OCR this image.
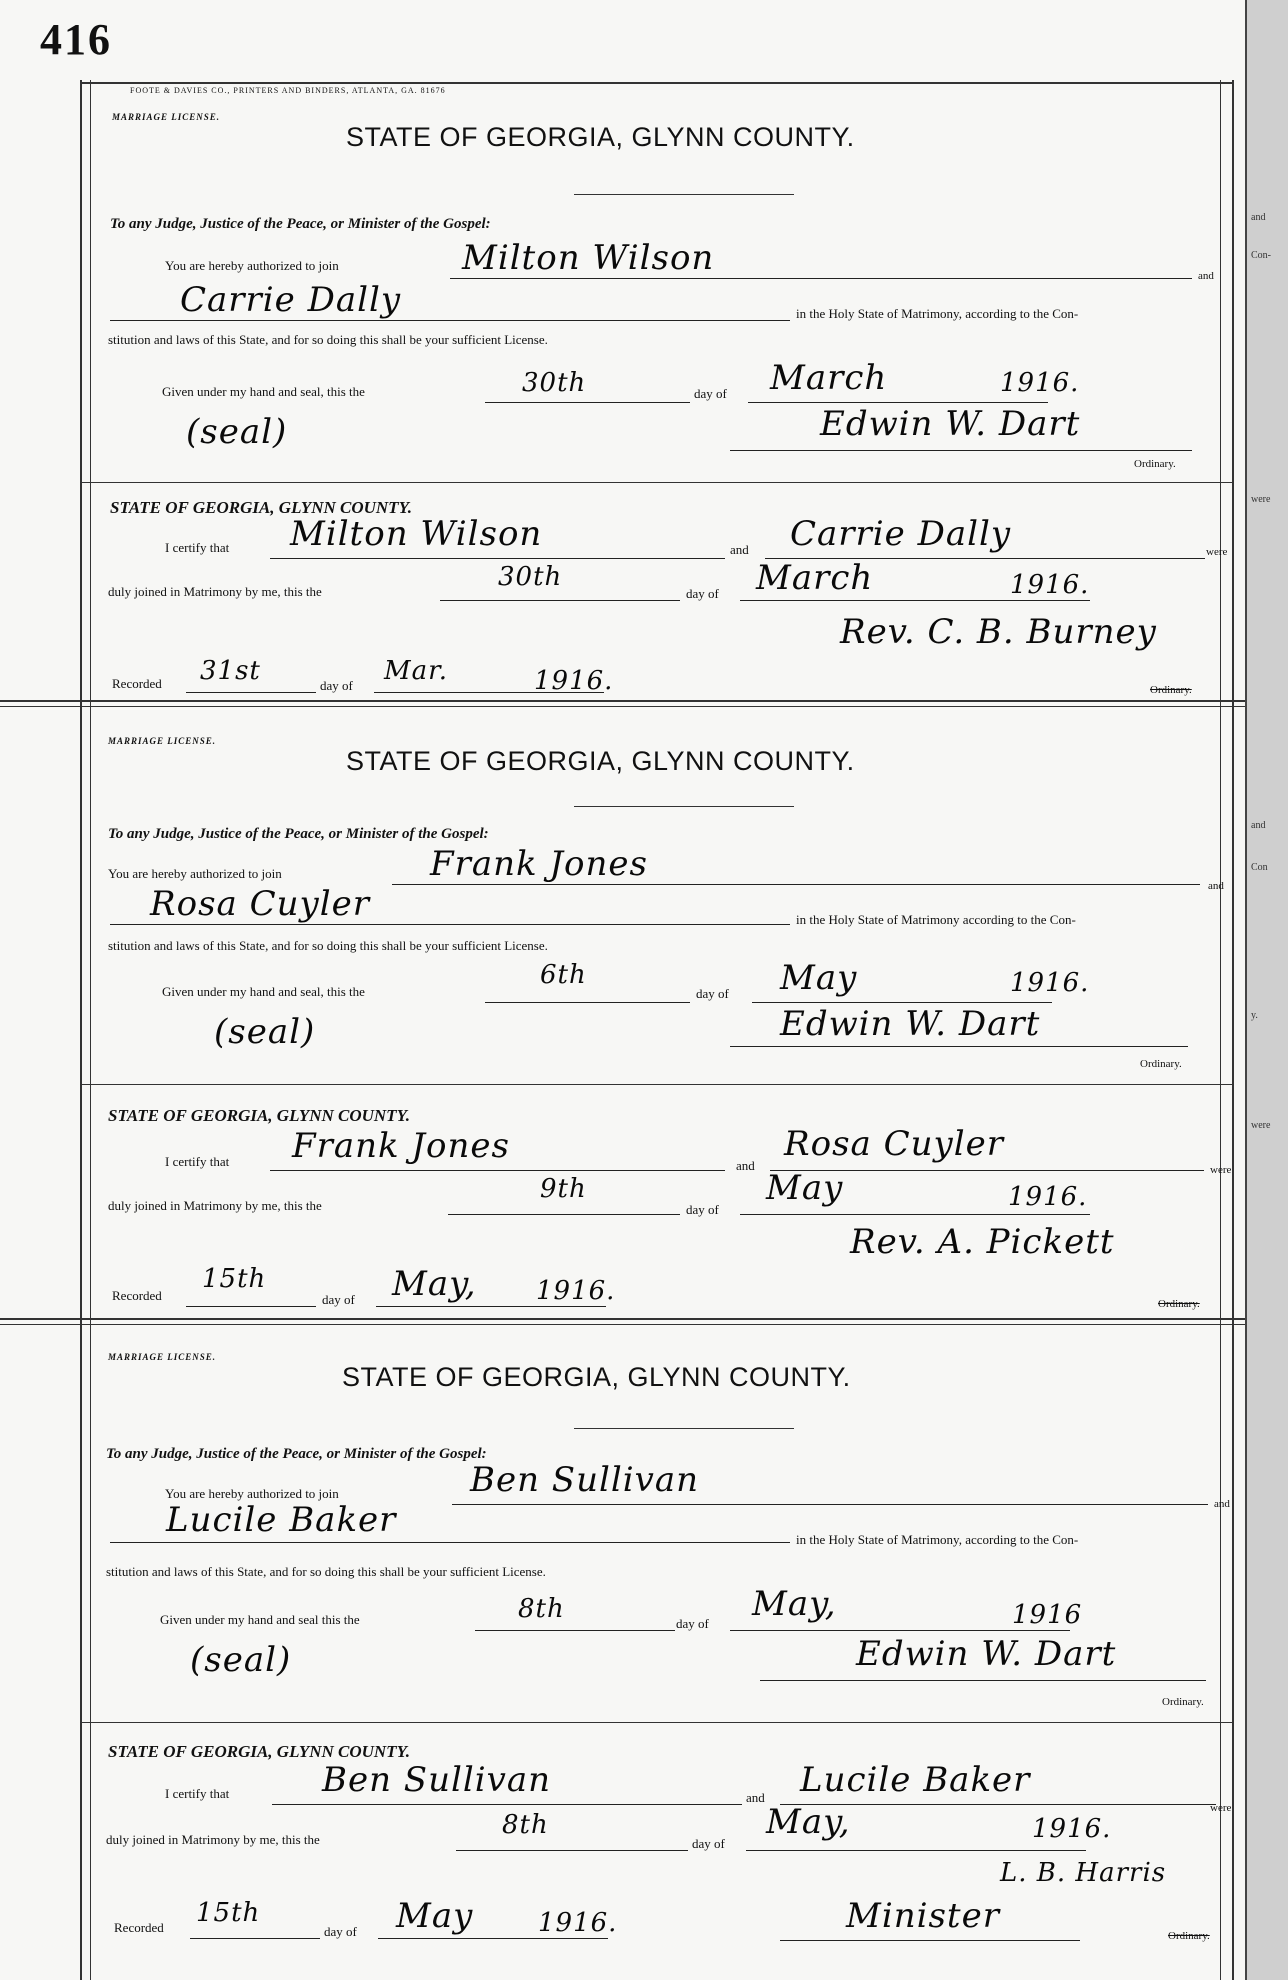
416
FOOTE & DAVIES CO., PRINTERS AND BINDERS, ATLANTA, GA. 81676
MARRIAGE LICENSE.
STATE OF GEORGIA, GLYNN COUNTY.
To any Judge, Justice of the Peace, or Minister of the Gospel:
You are hereby authorized to join	Milton Wilson	and
Carrie Dally	in the Holy State of Matrimony, according to the Con-
stitution and laws of this State, and for so doing this shall be your sufficient License.
Given under my hand and seal, this the	30th	day of March	1916.
(seal)	Edwin W. Dart
Ordinary.
STATE OF GEORGIA, GLYNN COUNTY.
I certify that Milton Wilson	and Carrie Dally	were
duly joined in Matrimony by me, this the	30th
day of March	1916.
Rev. C. B. Burney
Recorded 31st	day of Mar.	1916.	Ordinary.
MARRIAGE LICENSE.
STATE OF GEORGIA, GLYNN COUNTY.
To any Judge, Justice of the Peace, or Minister of the Gospel:
You are hereby authorized to join	Frank Jones
and
Rosa Cuyler	in the Holy State of Matrimony according to the Con-
stitution and laws of this State, and for so doing this shall be your sufficient License.
Given under my hand and seal, this the
6th
day of May	1916.
(seal)	Edwin W. Dart
Ordinary.
STATE OF GEORGIA, GLYNN COUNTY.
I certify that Frank Jones	and
Rosa Cuyler
were
duly joined in Matrimony by me, this the
9th
day of
May	1916.
Rev. A. Pickett
Recorded
15th
day of May, 1916.	Ordinary.
MARRIAGE LICENSE.
STATE OF GEORGIA, GLYNN COUNTY.
To any Judge, Justice of the Peace, or Minister of the Gospel:
You are hereby authorized to join	Ben Sullivan
and
Lucile Baker	in the Holy State of Matrimony, according to the Con-
stitution and laws of this State, and for so doing this shall be your sufficient License.
Given under my hand and seal this the	8th	day of May,	1916
(seal)	Edwin W. Dart
Ordinary.
STATE OF GEORGIA, GLYNN COUNTY.
I certify that	Ben Sullivan	and Lucile Baker
were
duly joined in Matrimony by me, this the	8th
day of
May,	1916.
L. B. Harris
Recorded 15th
day of May 1916.	Minister	Ordinary.
and
Con-
were
and
Con
y.
were
